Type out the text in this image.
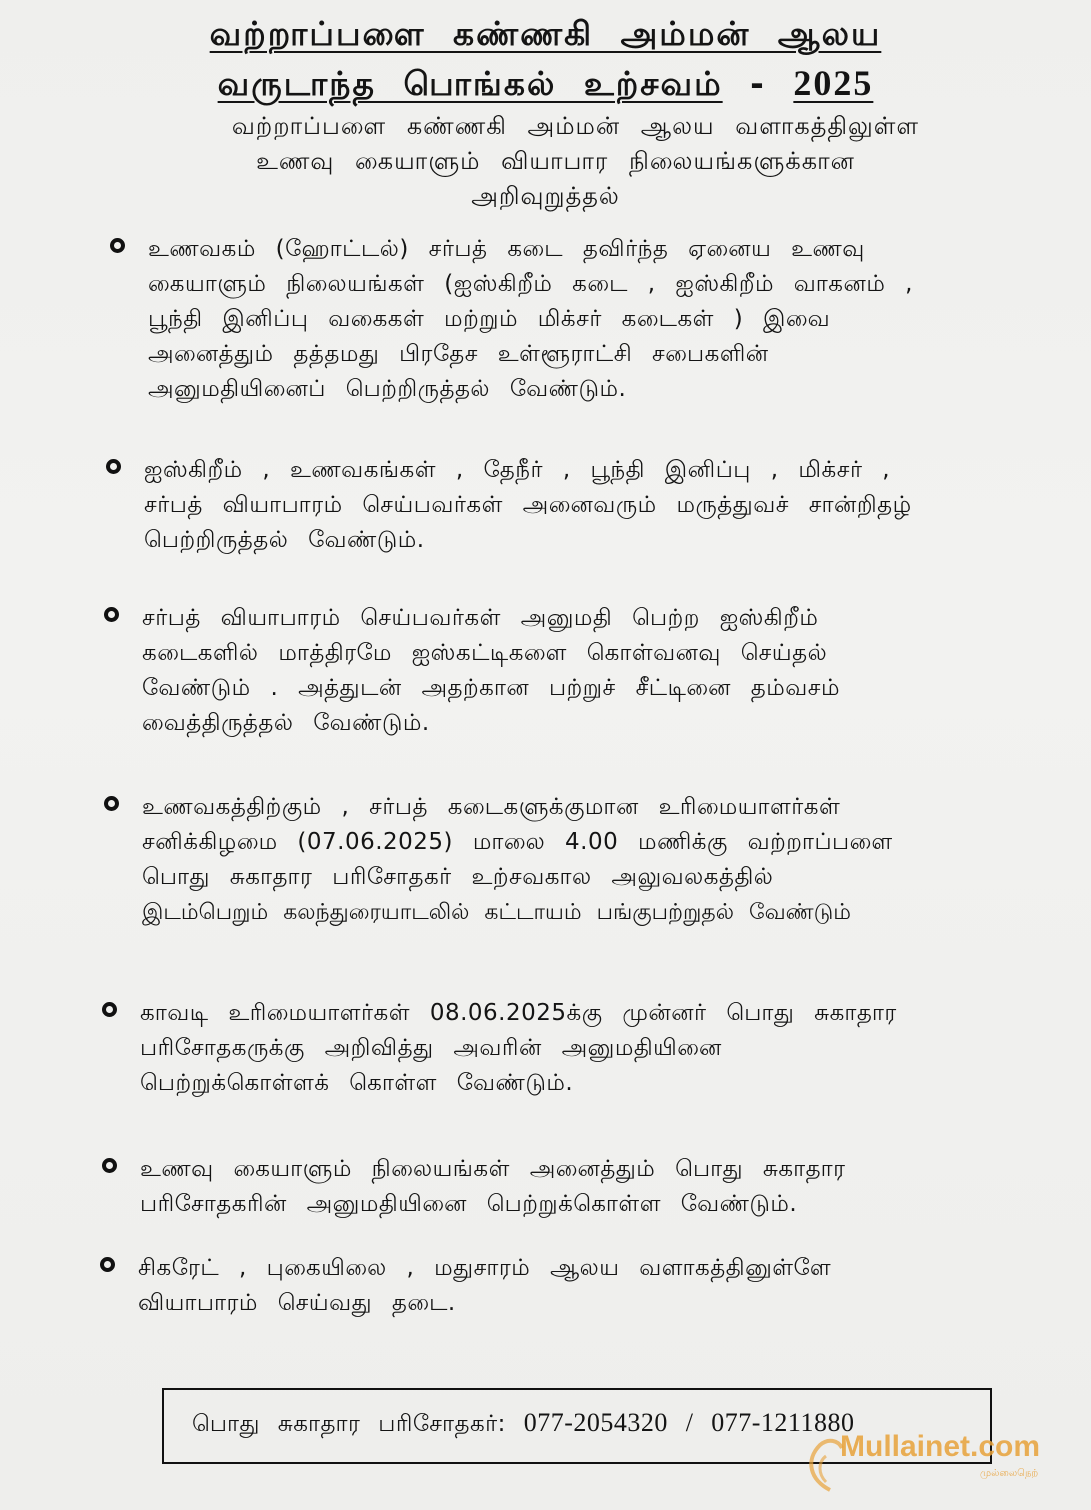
வற்றாப்பளை கண்ணகி அம்மன் ஆலய
வருடாந்த பொங்கல் உற்சவம் - 2025

வற்றாப்பளை கண்ணகி அம்மன் ஆலய வளாகத்திலுள்ள

உணவு கையாளும் வியாபார நிலையங்களுக்கான

அறிவுறுத்தல்

உணவகம் (ஹோட்டல்) சர்பத் கடை தவிர்ந்த ஏனைய உணவு
கையாளும் நிலையங்கள் (ஐஸ்கிறீம் கடை , ஐஸ்கிறீம் வாகனம் ,
பூந்தி இனிப்பு வகைகள் மற்றும் மிக்சர் கடைகள் ) இவை
அனைத்தும் தத்தமது பிரதேச உள்ளூராட்சி சபைகளின்
அனுமதியினைப் பெற்றிருத்தல் வேண்டும்.

ஐஸ்கிறீம் , உணவகங்கள் , தேநீர் , பூந்தி இனிப்பு , மிக்சர் ,
சர்பத் வியாபாரம் செய்பவர்கள் அனைவரும் மருத்துவச் சான்றிதழ்
பெற்றிருத்தல் வேண்டும்.

சர்பத் வியாபாரம் செய்பவர்கள் அனுமதி பெற்ற ஐஸ்கிறீம்
கடைகளில் மாத்திரமே ஐஸ்கட்டிகளை கொள்வனவு செய்தல்
வேண்டும் . அத்துடன் அதற்கான பற்றுச் சீட்டினை தம்வசம்
வைத்திருத்தல் வேண்டும்.

உணவகத்திற்கும் , சர்பத் கடைகளுக்குமான உரிமையாளர்கள்
சனிக்கிழமை (07.06.2025) மாலை 4.00 மணிக்கு வற்றாப்பளை
பொது சுகாதார பரிசோதகர் உற்சவகால அலுவலகத்தில்
இடம்பெறும் கலந்துரையாடலில் கட்டாயம் பங்குபற்றுதல் வேண்டும்

காவடி உரிமையாளர்கள் 08.06.2025க்கு முன்னர் பொது சுகாதார
பரிசோதகருக்கு அறிவித்து அவரின் அனுமதியினை
பெற்றுக்கொள்ளக் கொள்ள வேண்டும்.

உணவு கையாளும் நிலையங்கள் அனைத்தும் பொது சுகாதார
பரிசோதகரின் அனுமதியினை பெற்றுக்கொள்ள வேண்டும்.

சிகரேட் , புகையிலை , மதுசாரம் ஆலய வளாகத்தினுள்ளே
வியாபாரம் செய்வது தடை.

பொது சுகாதார பரிசோதகர்: 077-2054320 / 077-1211880

Mullainet.com
முல்லைநெற்
